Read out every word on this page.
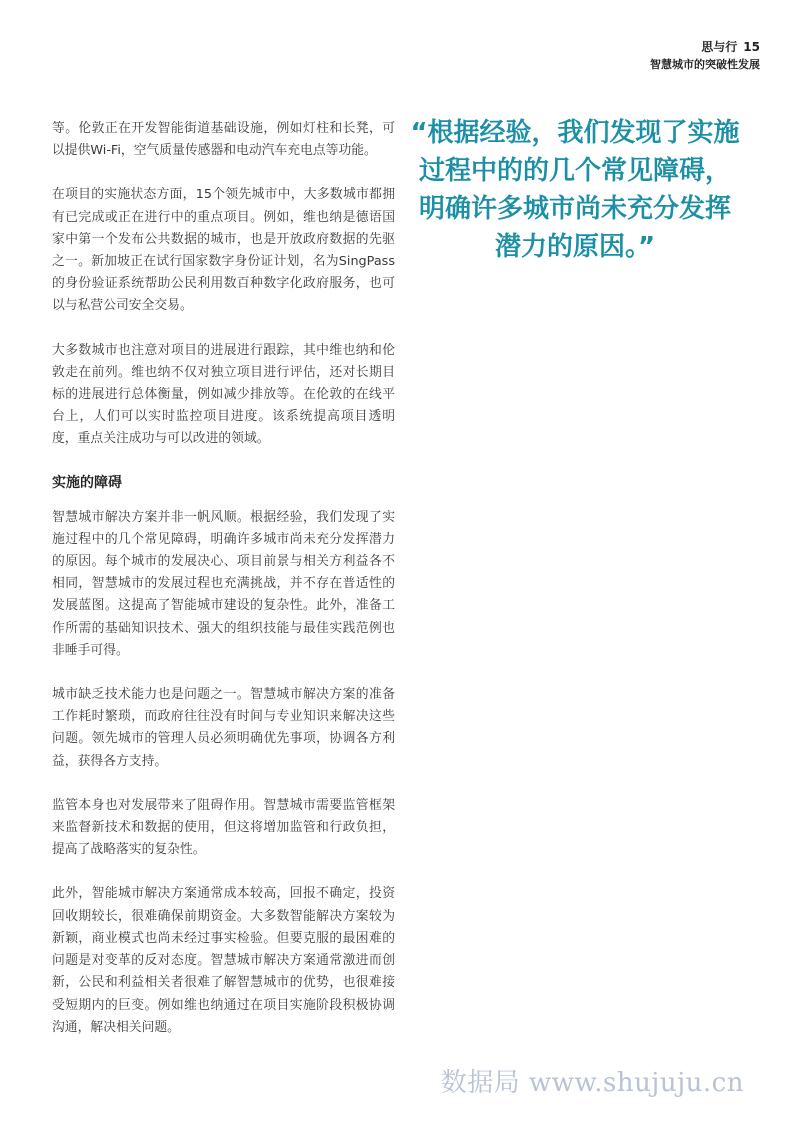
思与行 15
智慧城市的突破性发展

等。伦敦正在开发智能街道基础设施，例如灯柱和长凳，可以提供Wi-Fi，空气质量传感器和电动汽车充电点等功能。

在项目的实施状态方面，15个领先城市中，大多数城市都拥有已完成或正在进行中的重点项目。例如，维也纳是德语国家中第一个发布公共数据的城市，也是开放政府数据的先驱之一。新加坡正在试行国家数字身份证计划，名为SingPass的身份验证系统帮助公民利用数百种数字化政府服务，也可以与私营公司安全交易。

大多数城市也注意对项目的进展进行跟踪，其中维也纳和伦敦走在前列。维也纳不仅对独立项目进行评估，还对长期目标的进展进行总体衡量，例如减少排放等。在伦敦的在线平台上，人们可以实时监控项目进度。该系统提高项目透明度，重点关注成功与可以改进的领域。

实施的障碍

智慧城市解决方案并非一帆风顺。根据经验，我们发现了实施过程中的几个常见障碍，明确许多城市尚未充分发挥潜力的原因。每个城市的发展决心、项目前景与相关方利益各不相同，智慧城市的发展过程也充满挑战，并不存在普适性的发展蓝图。这提高了智能城市建设的复杂性。此外，准备工作所需的基础知识技术、强大的组织技能与最佳实践范例也非唾手可得。

城市缺乏技术能力也是问题之一。智慧城市解决方案的准备工作耗时繁琐，而政府往往没有时间与专业知识来解决这些问题。领先城市的管理人员必须明确优先事项，协调各方利益，获得各方支持。

监管本身也对发展带来了阻碍作用。智慧城市需要监管框架来监督新技术和数据的使用，但这将增加监管和行政负担，提高了战略落实的复杂性。

此外，智能城市解决方案通常成本较高，回报不确定，投资回收期较长，很难确保前期资金。大多数智能解决方案较为新颖，商业模式也尚未经过事实检验。但要克服的最困难的问题是对变革的反对态度。智慧城市解决方案通常激进而创新，公民和利益相关者很难了解智慧城市的优势，也很难接受短期内的巨变。例如维也纳通过在项目实施阶段积极协调沟通，解决相关问题。

“根据经验，我们发现了实施过程中的的几个常见障碍，明确许多城市尚未充分发挥潜力的原因。”
数据局 www.shujuju.cn
